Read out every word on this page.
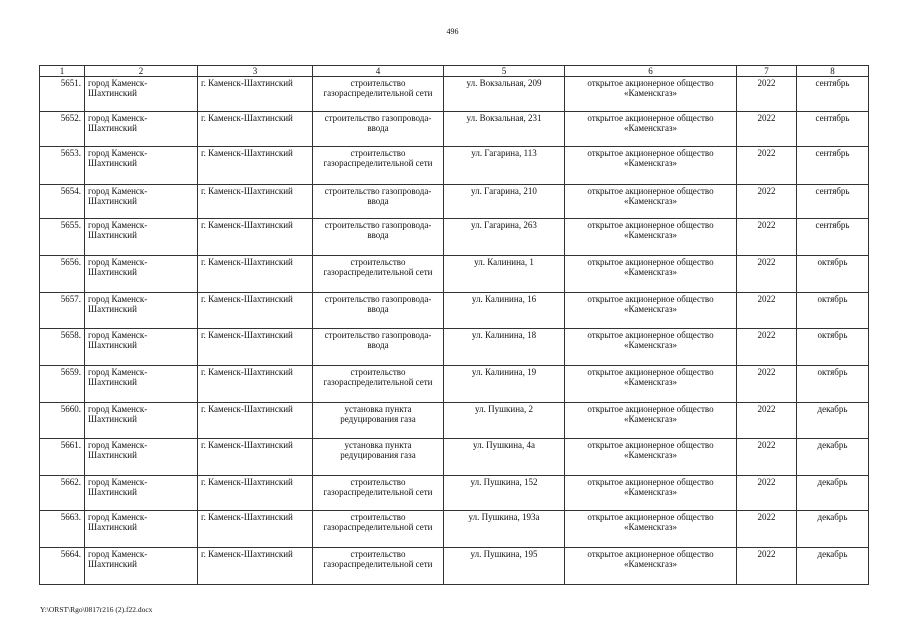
496
1	2	3	4	5	6	7	8
5651.	город Каменск-Шахтинский	г. Каменск-Шахтинский	строительство газораспределительной сети	ул. Вокзальная, 209	открытое акционерное общество «Каменскгаз»	2022	сентябрь
5652.	город Каменск-Шахтинский	г. Каменск-Шахтинский	строительство газопровода-ввода	ул. Вокзальная, 231	открытое акционерное общество «Каменскгаз»	2022	сентябрь
5653.	город Каменск-Шахтинский	г. Каменск-Шахтинский	строительство газораспределительной сети	ул. Гагарина, 113	открытое акционерное общество «Каменскгаз»	2022	сентябрь
5654.	город Каменск-Шахтинский	г. Каменск-Шахтинский	строительство газопровода-ввода	ул. Гагарина, 210	открытое акционерное общество «Каменскгаз»	2022	сентябрь
5655.	город Каменск-Шахтинский	г. Каменск-Шахтинский	строительство газопровода-ввода	ул. Гагарина, 263	открытое акционерное общество «Каменскгаз»	2022	сентябрь
5656.	город Каменск-Шахтинский	г. Каменск-Шахтинский	строительство газораспределительной сети	ул. Калинина, 1	открытое акционерное общество «Каменскгаз»	2022	октябрь
5657.	город Каменск-Шахтинский	г. Каменск-Шахтинский	строительство газопровода-ввода	ул. Калинина, 16	открытое акционерное общество «Каменскгаз»	2022	октябрь
5658.	город Каменск-Шахтинский	г. Каменск-Шахтинский	строительство газопровода-ввода	ул. Калинина, 18	открытое акционерное общество «Каменскгаз»	2022	октябрь
5659.	город Каменск-Шахтинский	г. Каменск-Шахтинский	строительство газораспределительной сети	ул. Калинина, 19	открытое акционерное общество «Каменскгаз»	2022	октябрь
5660.	город Каменск-Шахтинский	г. Каменск-Шахтинский	установка пункта редуцирования газа	ул. Пушкина, 2	открытое акционерное общество «Каменскгаз»	2022	декабрь
5661.	город Каменск-Шахтинский	г. Каменск-Шахтинский	установка пункта редуцирования газа	ул. Пушкина, 4а	открытое акционерное общество «Каменскгаз»	2022	декабрь
5662.	город Каменск-Шахтинский	г. Каменск-Шахтинский	строительство газораспределительной сети	ул. Пушкина, 152	открытое акционерное общество «Каменскгаз»	2022	декабрь
5663.	город Каменск-Шахтинский	г. Каменск-Шахтинский	строительство газораспределительной сети	ул. Пушкина, 193а	открытое акционерное общество «Каменскгаз»	2022	декабрь
5664.	город Каменск-Шахтинский	г. Каменск-Шахтинский	строительство газораспределительной сети	ул. Пушкина, 195	открытое акционерное общество «Каменскгаз»	2022	декабрь
Y:\ORST\Rgo\0817r216 (2).f22.docx
